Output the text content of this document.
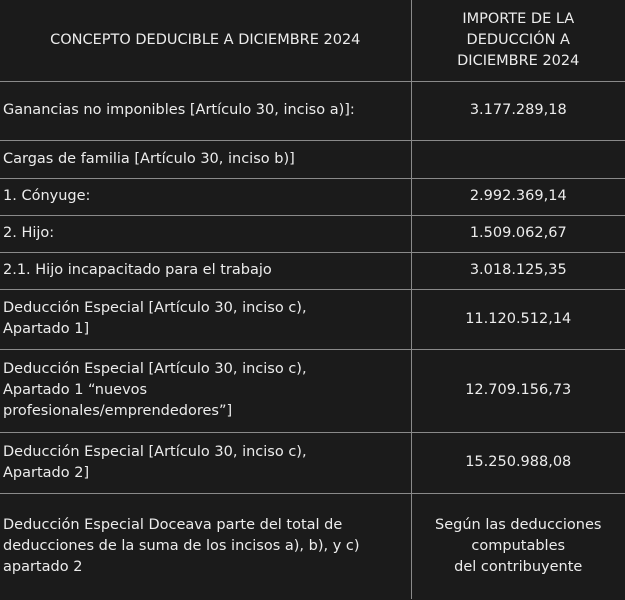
CONCEPTO DEDUCIBLE A DICIEMBRE 2024	IMPORTE DE LA
DEDUCCIÓN A
DICIEMBRE 2024
Ganancias no imponibles [Artículo 30, inciso a)]:	3.177.289,18
Cargas de familia [Artículo 30, inciso b)]	
1. Cónyuge:	2.992.369,14
2. Hijo:	1.509.062,67
2.1. Hijo incapacitado para el trabajo	3.018.125,35
Deducción Especial [Artículo 30, inciso c),
Apartado 1]	11.120.512,14
Deducción Especial [Artículo 30, inciso c),
Apartado 1 “nuevos
profesionales/emprendedores”]	12.709.156,73
Deducción Especial [Artículo 30, inciso c),
Apartado 2]	15.250.988,08
Deducción Especial Doceava parte del total de
deducciones de la suma de los incisos a), b), y c)
apartado 2	Según las deducciones
computables
del contribuyente
